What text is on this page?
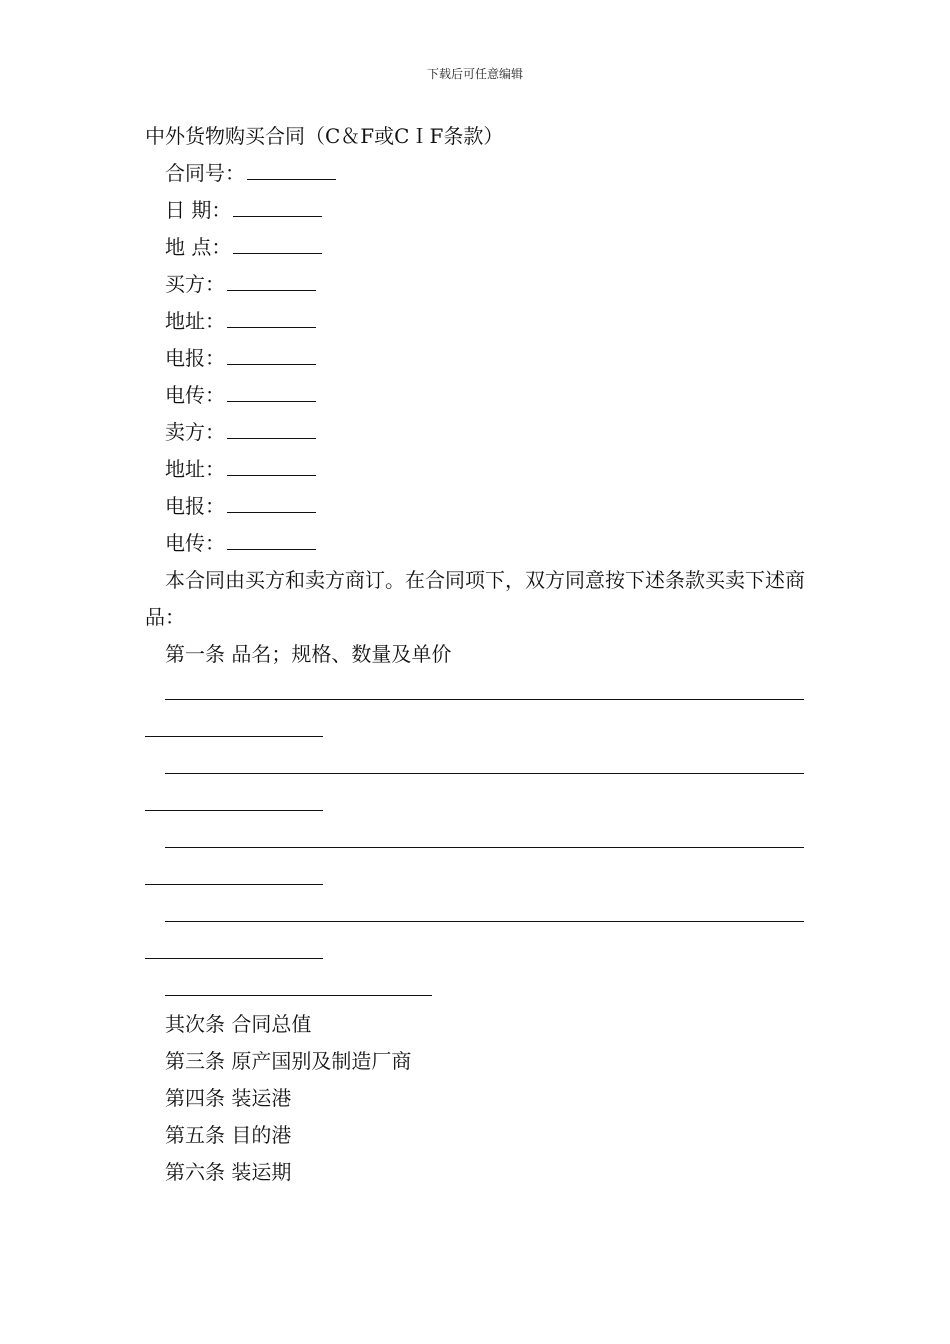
下载后可任意编辑
中外货物购买合同（C＆F或CＩF条款）
合同号：
日 期：
地 点：
买方：
地址：
电报：
电传：
卖方：
地址：
电报：
电传：
本合同由买方和卖方商订。在合同项下，双方同意按下述条款买卖下述商品：
第一条 品名；规格、数量及单价
其次条 合同总值
第三条 原产国别及制造厂商
第四条 装运港
第五条 目的港
第六条 装运期
